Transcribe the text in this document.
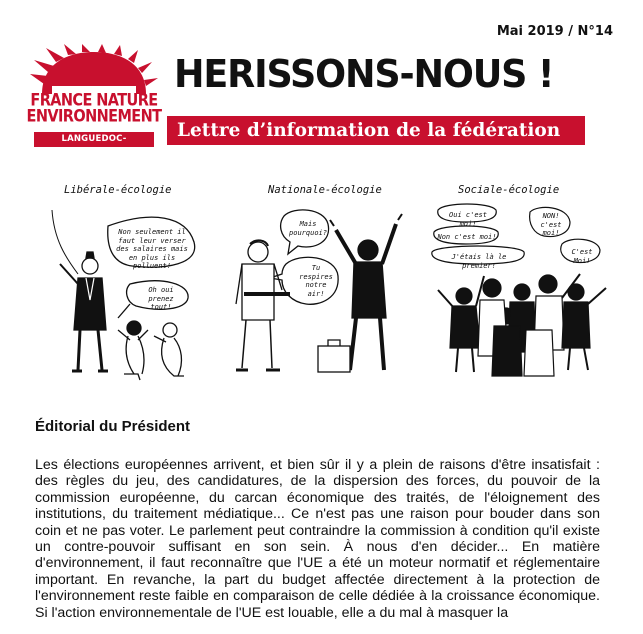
Mai 2019 / N°14
FRANCE NATURE
ENVIRONNEMENT
LANGUEDOC-ROUSSILLON
HERISSONS-NOUS !
Lettre d’information de la fédération
Libérale-écologie
Non seulement il faut leur verser des salaires mais en plus ils polluent!
Oh oui prenez tout!
Nationale-écologie
Mais pourquoi?
Tu respires notre air!
Sociale-écologie
Oui c'est moi!
Non c'est moi!
J'étais là le premier!
NON! c'est moi!
C'est Moi!
Éditorial du Président

Les élections européennes arrivent, et bien sûr il y a plein de raisons d'être insatisfait : des règles du jeu, des candidatures, de la dispersion des forces, du pouvoir de la commission européenne, du carcan économique des traités, de l'éloignement des institutions, du traitement médiatique... Ce n'est pas une raison pour bouder dans son coin et ne pas voter. Le parlement peut contraindre la commission à condition qu'il existe un contre-pouvoir suffisant en son sein. À nous d'en décider... En matière d'environnement, il faut reconnaître que l'UE a été un moteur normatif et réglementaire important. En revanche, la part du budget affectée directement à la protection de l'environnement reste faible en comparaison de celle dédiée à la croissance économique. Si l'action environnementale de l'UE est louable, elle a du mal à masquer la
